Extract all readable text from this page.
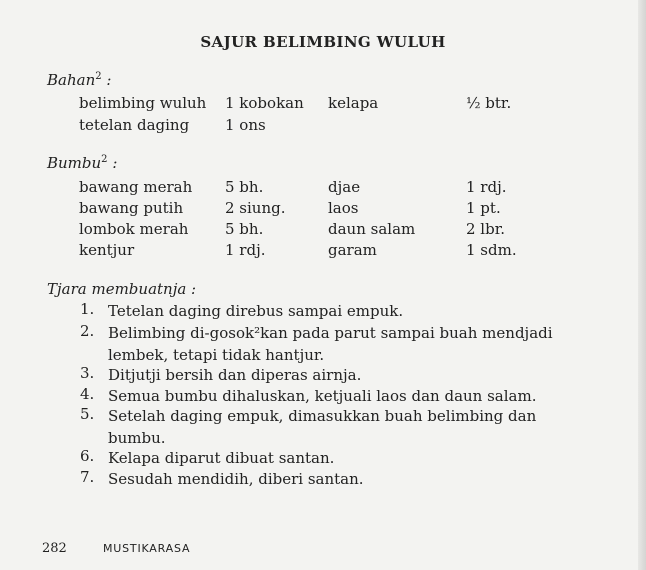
SAJUR BELIMBING WULUH
Bahan$^2$ :
belimbing wuluh 1 kobokan kelapa	½ btr.
tetelan daging 1 ons
Bumbu$^2$ :
bawang merah 5 bh.	djae	1 rdj.
bawang putih	2 siung.	laos	1 pt.
lombok merah 5 bh.	daun salam	2 lbr.
kentjur	1 rdj.	garam	1 sdm.
Tjara membuatnja :
1. Tetelan daging direbus sampai empuk.
2. Belimbing di-gosok²kan pada parut sampai buah mendjadi lembek, tetapi tidak hantjur.
3. Ditjutji bersih dan diperas airnja.
4. Semua bumbu dihaluskan, ketjuali laos dan daun salam.
5. Setelah daging empuk, dimasukkan buah belimbing dan bumbu.
6. Kelapa diparut dibuat santan.
7. Sesudah mendidih, diberi santan.
282	MUSTIKARASA
